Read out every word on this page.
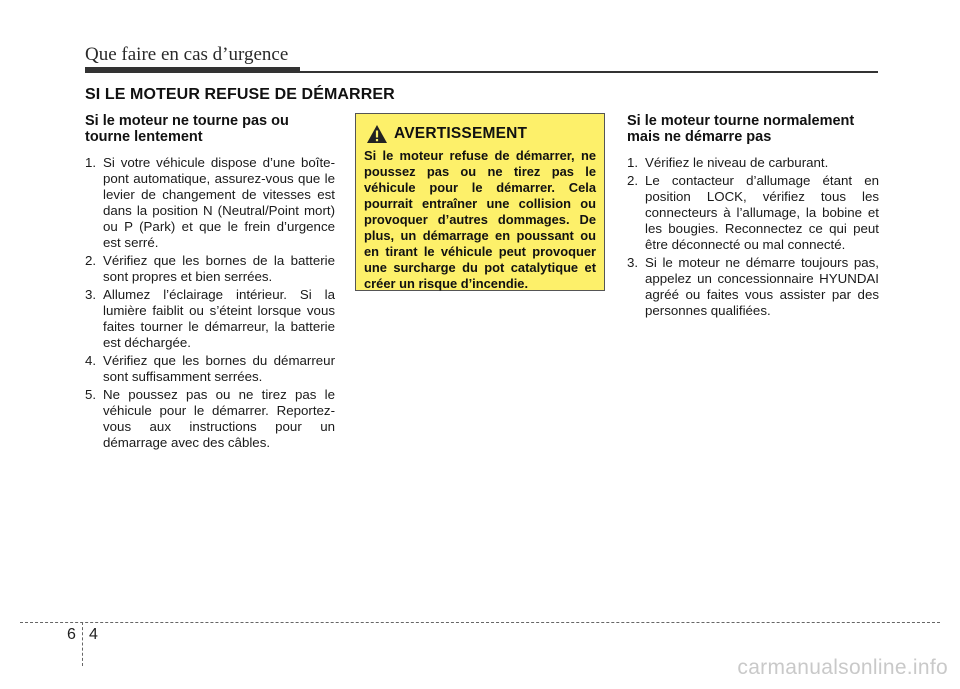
Que faire en cas d’urgence
SI LE MOTEUR REFUSE DE DÉMARRER
Si le moteur ne tourne pas ou tourne lentement
1. Si votre véhicule dispose d’une boîte-pont automatique, assurez-vous que le levier de changement de vitesses est dans la position N (Neutral/Point mort) ou P (Park) et que le frein d’urgence est serré.
2. Vérifiez que les bornes de la batterie sont propres et bien serrées.
3. Allumez l’éclairage intérieur. Si la lumière faiblit ou s’éteint lorsque vous faites tourner le démarreur, la batterie est déchargée.
4. Vérifiez que les bornes du démarreur sont suffisamment serrées.
5. Ne poussez pas ou ne tirez pas le véhicule pour le démarrer. Reportez-vous aux instructions pour un démarrage avec des câbles.
AVERTISSEMENT
Si le moteur refuse de démarrer, ne poussez pas ou ne tirez pas le véhicule pour le démarrer. Cela pourrait entraîner une collision ou provoquer d’autres dommages. De plus, un démarrage en poussant ou en tirant le véhicule peut provoquer une surcharge du pot catalytique et créer un risque d’incendie.
Si le moteur tourne normalement mais ne démarre pas
1. Vérifiez le niveau de carburant.
2. Le contacteur d’allumage étant en position LOCK, vérifiez tous les connecteurs à l’allumage, la bobine et les bougies. Reconnectez ce qui peut être déconnecté ou mal connecté.
3. Si le moteur ne démarre toujours pas, appelez un concessionnaire HYUNDAI agréé ou faites vous assister par des personnes qualifiées.
6 4
carmanualsonline.info
